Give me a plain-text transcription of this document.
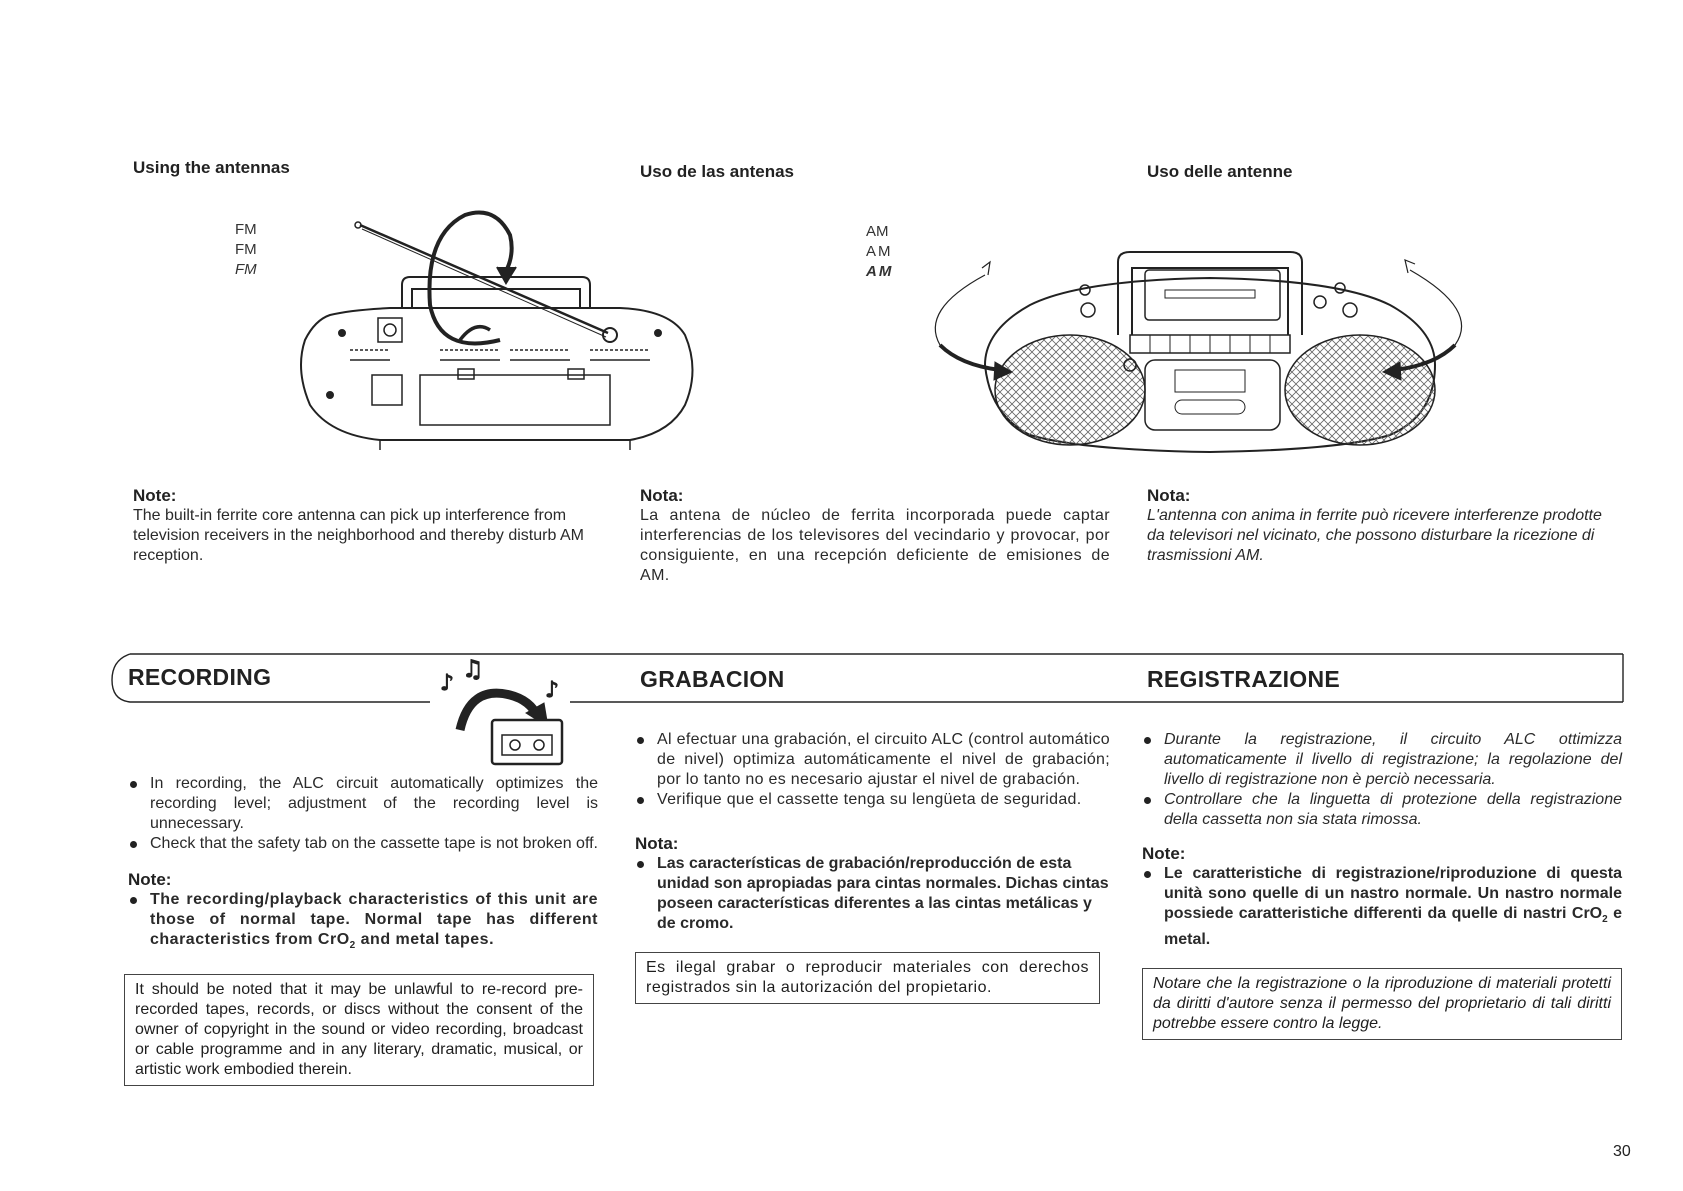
Using the antennas	Uso de las antenas	Uso delle antenne
FM
FM
FM
AM
AM
AM
Note:
The built-in ferrite core antenna can pick up interference from television receivers in the neighborhood and thereby disturb AM reception.
Nota:
La antena de núcleo de ferrita incorporada puede captar interferencias de los televisores del vecindario y provocar, por consiguiente, en una recepción deficiente de emisiones de AM.
Nota:
L'antenna con anima in ferrite può ricevere interferenze prodotte da televisori nel vicinato, che possono disturbare la ricezione di trasmissioni AM.
RECORDING	GRABACION	REGISTRAZIONE
♪
♫
♪
In recording, the ALC circuit automatically optimizes the recording level; adjustment of the recording level is unnecessary.
Check that the safety tab on the cassette tape is not broken off.
Note:
The recording/playback characteristics of this unit are those of normal tape. Normal tape has different characteristics from CrO$_2$ and metal tapes.
It should be noted that it may be unlawful to re-record pre-recorded tapes, records, or discs without the consent of the owner of copyright in the sound or video recording, broadcast or cable programme and in any literary, dramatic, musical, or artistic work embodied therein.
Al efectuar una grabación, el circuito ALC (control automático de nivel) optimiza automáticamente el nivel de grabación; por lo tanto no es necesario ajustar el nivel de grabación.
Verifique que el cassette tenga su lengüeta de seguridad.
Nota:
Las características de grabación/reproducción de esta unidad son apropiadas para cintas normales. Dichas cintas poseen características diferentes a las cintas metálicas y de cromo.
Es ilegal grabar o reproducir materiales con derechos registrados sin la autorización del propietario.
Durante la registrazione, il circuito ALC ottimizza automaticamente il livello di registrazione; la regolazione del livello di registrazione non è perciò necessaria.
Controllare che la linguetta di protezione della registrazione della cassetta non sia stata rimossa.
Note:
Le caratteristiche di registrazione/riproduzione di questa unità sono quelle di un nastro normale. Un nastro normale possiede caratteristiche differenti da quelle di nastri CrO$_2$ e metal.
Notare che la registrazione o la riproduzione di materiali protetti da diritti d'autore senza il permesso del proprietario di tali diritti potrebbe essere contro la legge.
30
